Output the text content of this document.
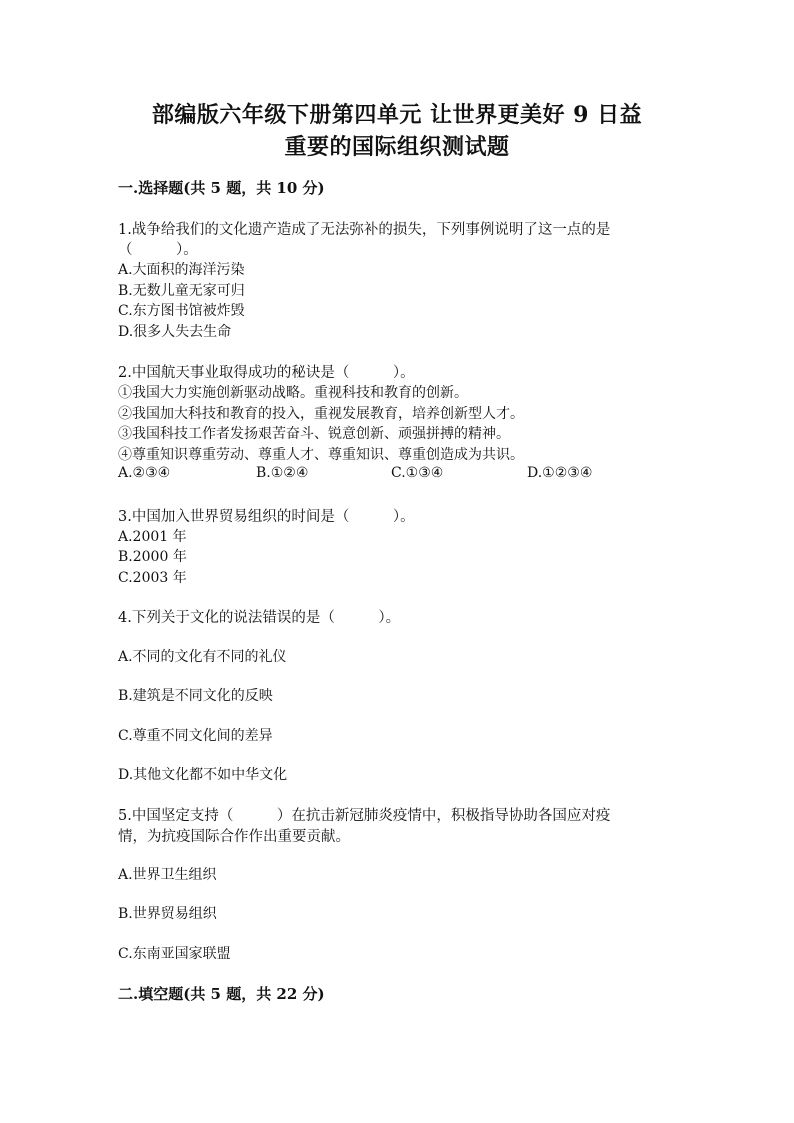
部编版六年级下册第四单元 让世界更美好 9 日益
重要的国际组织测试题
一.选择题(共 5 题，共 10 分)
1.战争给我们的文化遗产造成了无法弥补的损失，下列事例说明了这一点的是
（　　　）。
A.大面积的海洋污染
B.无数儿童无家可归
C.东方图书馆被炸毁
D.很多人失去生命
2.中国航天事业取得成功的秘诀是（　　　）。
①我国大力实施创新驱动战略。重视科技和教育的创新。
②我国加大科技和教育的投入，重视发展教育，培养创新型人才。
③我国科技工作者发扬艰苦奋斗、锐意创新、顽强拼搏的精神。
④尊重知识尊重劳动、尊重人才、尊重知识、尊重创造成为共识。
A.②③④	B.①②④	C.①③④	D.①②③④
3.中国加入世界贸易组织的时间是（　　　）。
A.2001 年
B.2000 年
C.2003 年
4.下列关于文化的说法错误的是（　　　）。
A.不同的文化有不同的礼仪
B.建筑是不同文化的反映
C.尊重不同文化间的差异
D.其他文化都不如中华文化
5.中国坚定支持（　　　）在抗击新冠肺炎疫情中，积极指导协助各国应对疫
情，为抗疫国际合作作出重要贡献。
A.世界卫生组织
B.世界贸易组织
C.东南亚国家联盟
二.填空题(共 5 题，共 22 分)
